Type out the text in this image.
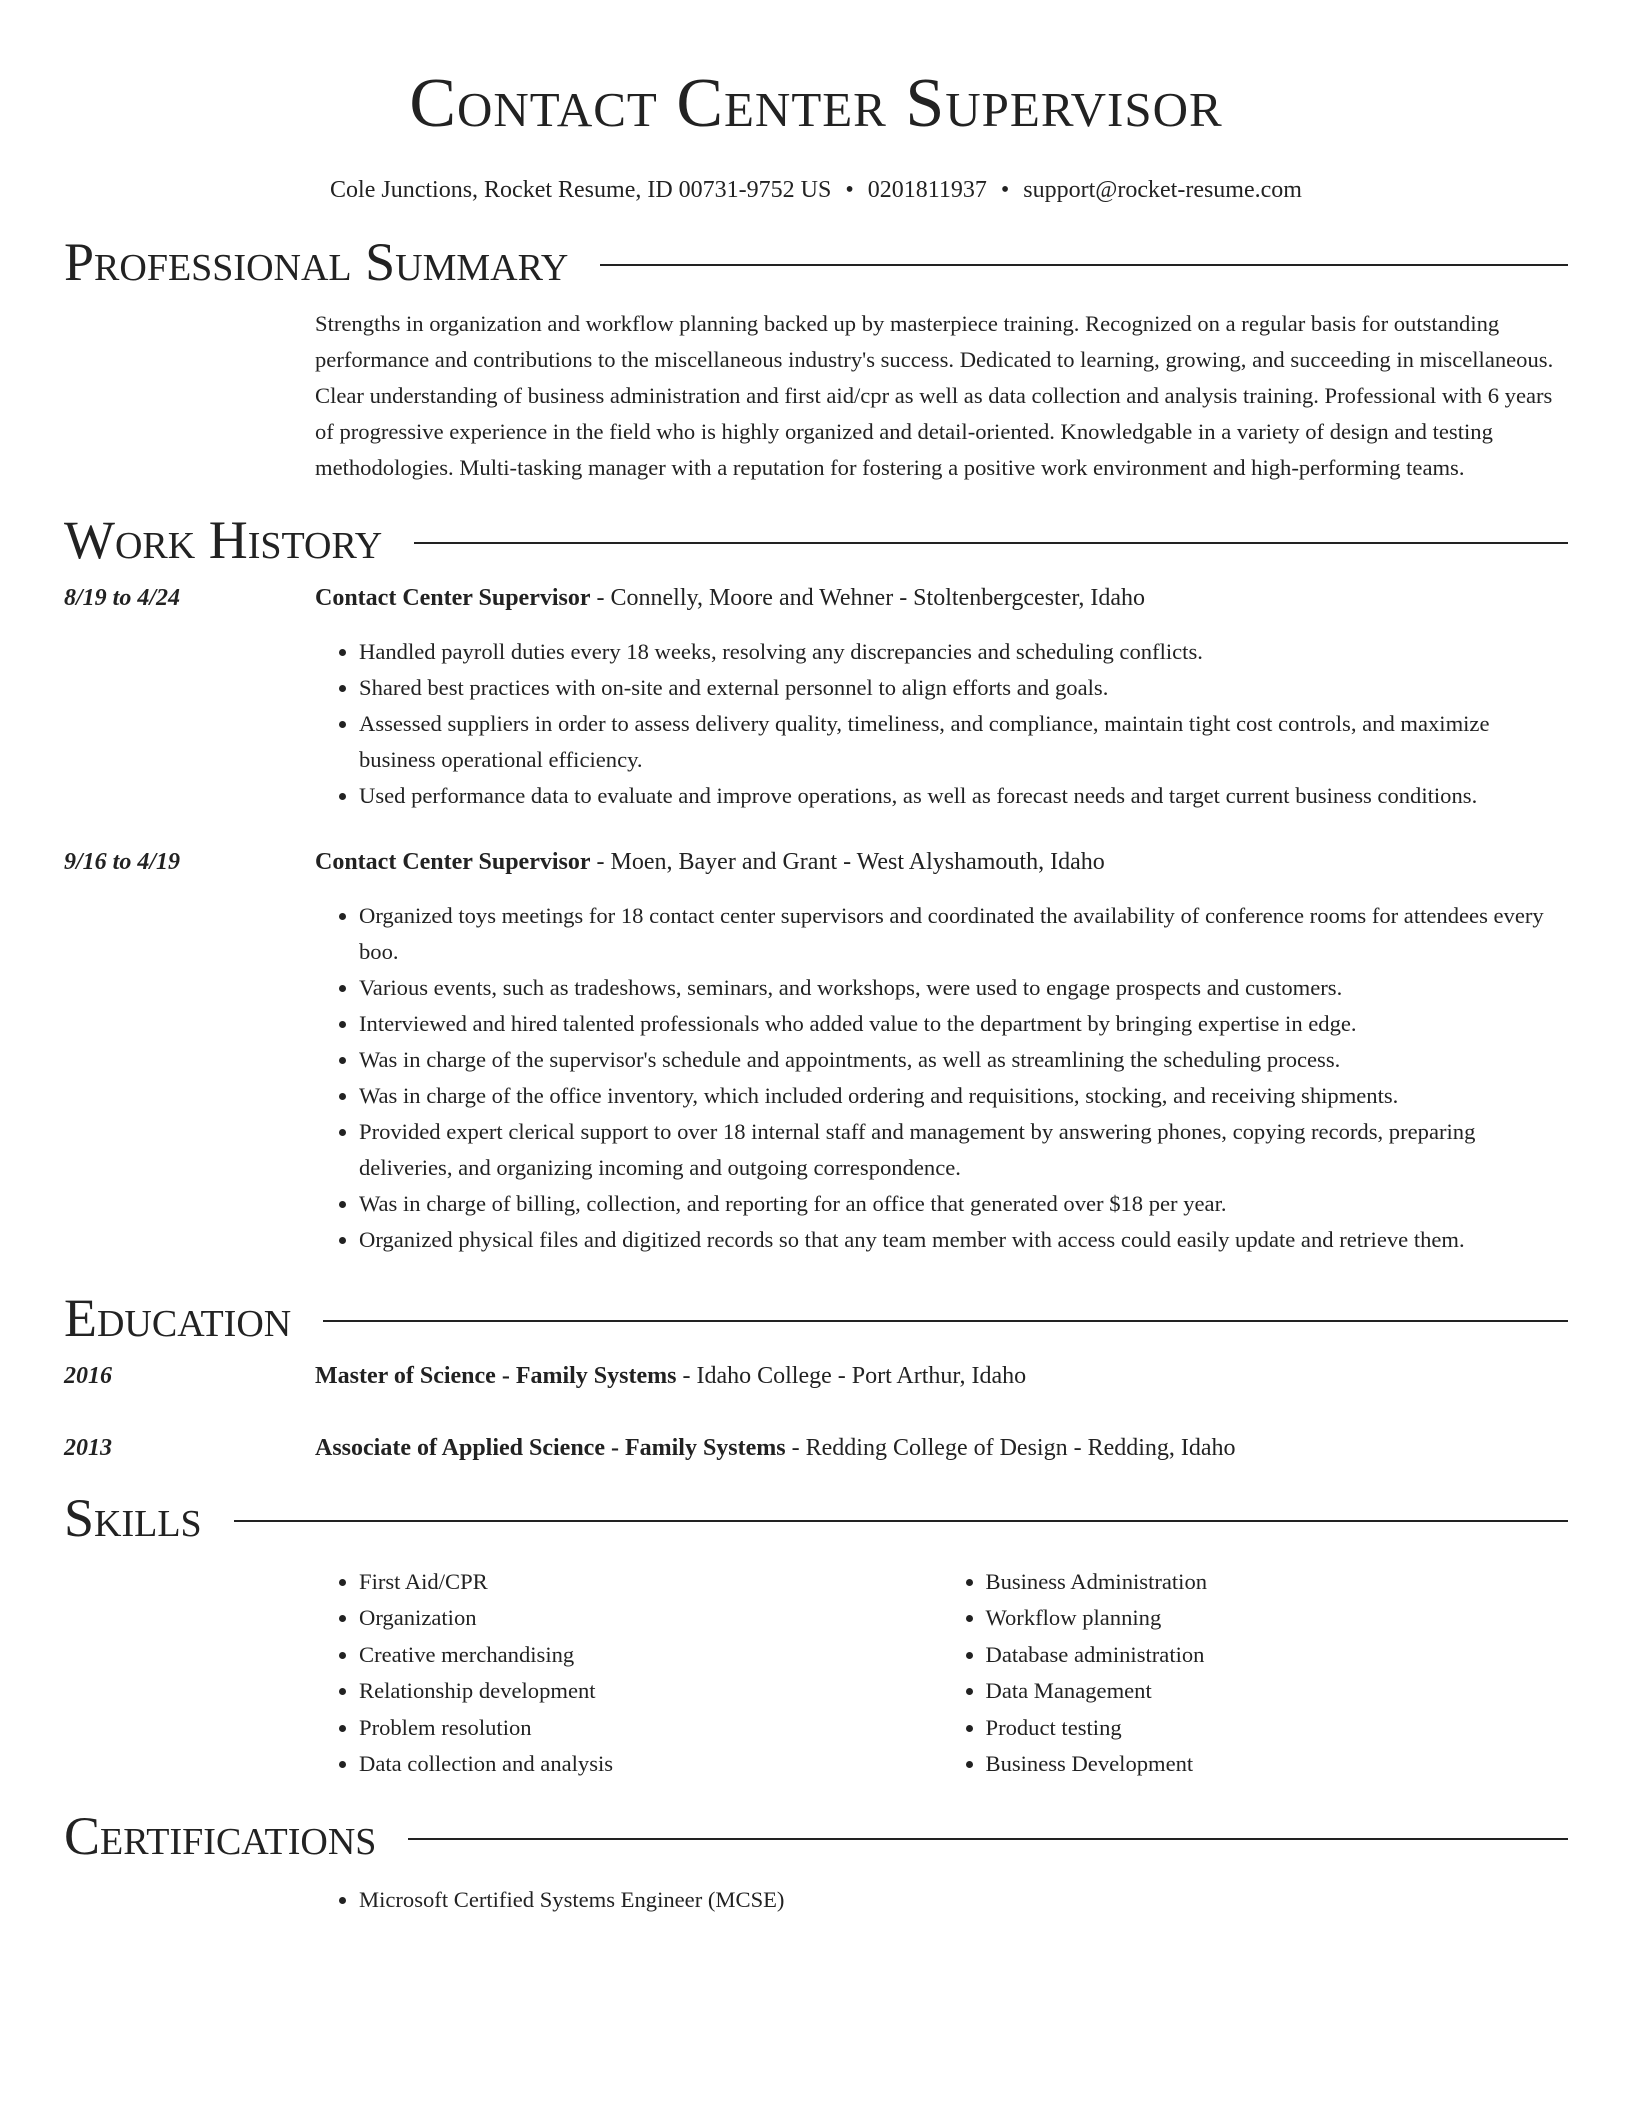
Contact Center Supervisor
Cole Junctions, Rocket Resume, ID 00731-9752 US • 0201811937 • support@rocket-resume.com
Professional Summary
Strengths in organization and workflow planning backed up by masterpiece training. Recognized on a regular basis for outstanding performance and contributions to the miscellaneous industry's success. Dedicated to learning, growing, and succeeding in miscellaneous. Clear understanding of business administration and first aid/cpr as well as data collection and analysis training. Professional with 6 years of progressive experience in the field who is highly organized and detail-oriented. Knowledgable in a variety of design and testing methodologies. Multi-tasking manager with a reputation for fostering a positive work environment and high-performing teams.
Work History
8/19 to 4/24	Contact Center Supervisor - Connelly, Moore and Wehner - Stoltenbergcester, Idaho
• Handled payroll duties every 18 weeks, resolving any discrepancies and scheduling conflicts.
• Shared best practices with on-site and external personnel to align efforts and goals.
• Assessed suppliers in order to assess delivery quality, timeliness, and compliance, maintain tight cost controls, and maximize business operational efficiency.
• Used performance data to evaluate and improve operations, as well as forecast needs and target current business conditions.
9/16 to 4/19	Contact Center Supervisor - Moen, Bayer and Grant - West Alyshamouth, Idaho
• Organized toys meetings for 18 contact center supervisors and coordinated the availability of conference rooms for attendees every boo.
• Various events, such as tradeshows, seminars, and workshops, were used to engage prospects and customers.
• Interviewed and hired talented professionals who added value to the department by bringing expertise in edge.
• Was in charge of the supervisor's schedule and appointments, as well as streamlining the scheduling process.
• Was in charge of the office inventory, which included ordering and requisitions, stocking, and receiving shipments.
• Provided expert clerical support to over 18 internal staff and management by answering phones, copying records, preparing deliveries, and organizing incoming and outgoing correspondence.
• Was in charge of billing, collection, and reporting for an office that generated over $18 per year.
• Organized physical files and digitized records so that any team member with access could easily update and retrieve them.
Education
2016	Master of Science - Family Systems - Idaho College - Port Arthur, Idaho
2013	Associate of Applied Science - Family Systems - Redding College of Design - Redding, Idaho
Skills
• First Aid/CPR
• Organization
• Creative merchandising
• Relationship development
• Problem resolution
• Data collection and analysis
• Business Administration
• Workflow planning
• Database administration
• Data Management
• Product testing
• Business Development
Certifications
• Microsoft Certified Systems Engineer (MCSE)
